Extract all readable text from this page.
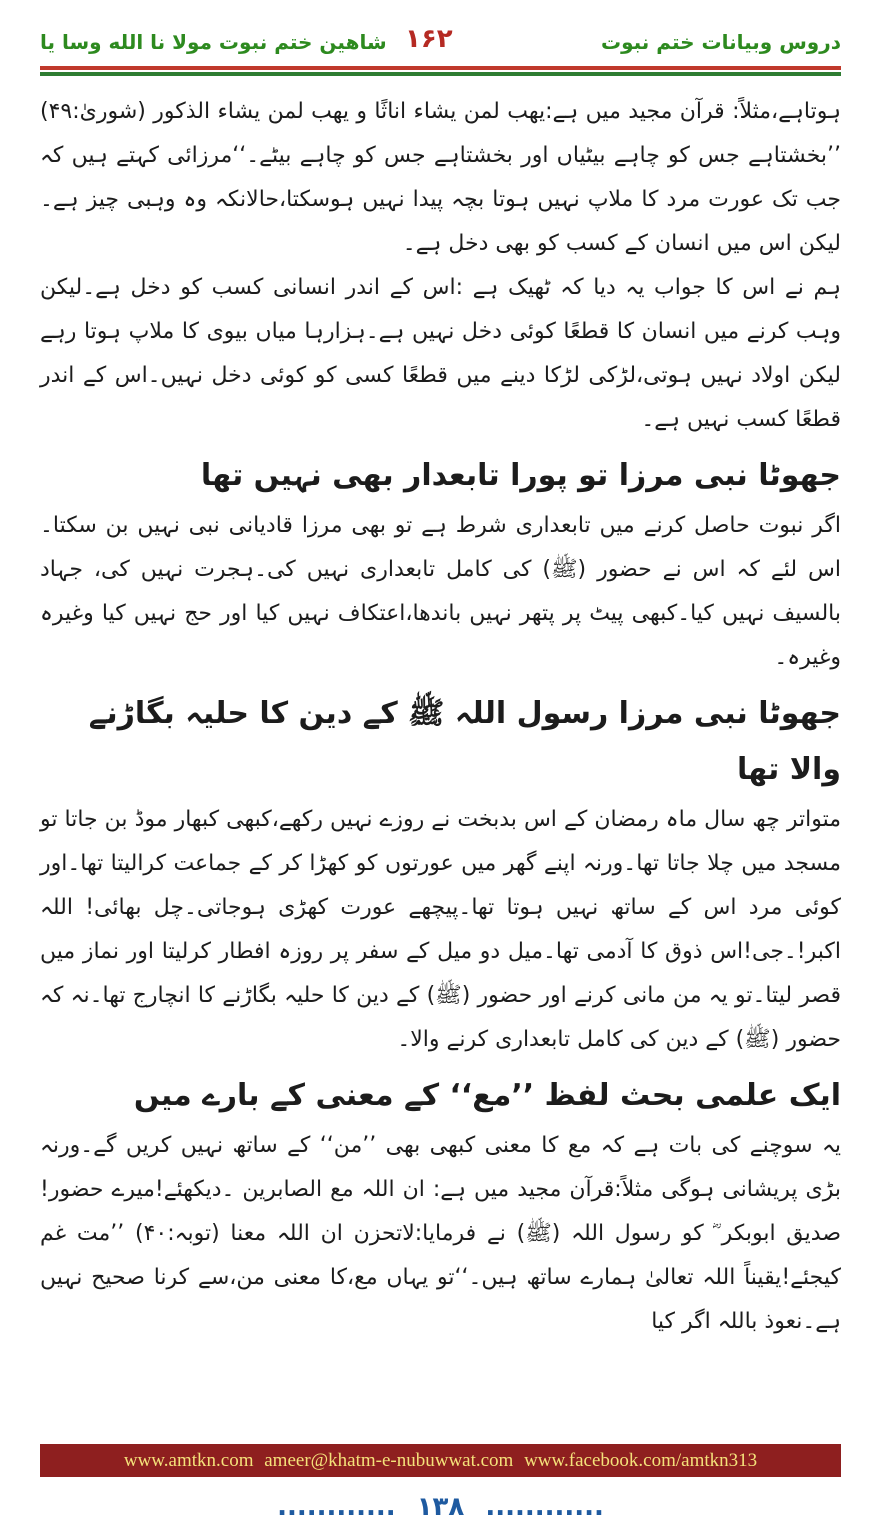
شاهین ختم نبوت مولا نا الله وسا یا ۱۶۲	دروس وبیانات ختم نبوت

ہوتاہے،مثلاً: قرآن مجید میں ہے:یھب لمن یشاء اناثًا و یھب لمن یشاء الذکور (شوریٰ:۴۹) ’’بخشتاہے جس کو چاہے بیٹیاں اور بخشتاہے جس کو چاہے بیٹے۔‘‘مرزائی کہتے ہیں کہ جب تک عورت مرد کا ملاپ نہیں ہوتا بچہ پیدا نہیں ہوسکتا،حالانکہ وہ وہبی چیز ہے۔لیکن اس میں انسان کے کسب کو بھی دخل ہے۔

ہم نے اس کا جواب یہ دیا کہ ٹھیک ہے :اس کے اندر انسانی کسب کو دخل ہے۔لیکن وہب کرنے میں انسان کا قطعًا کوئی دخل نہیں ہے۔ہزارہا میاں بیوی کا ملاپ ہوتا رہے لیکن اولاد نہیں ہوتی،لڑکی لڑکا دینے میں قطعًا کسی کو کوئی دخل نہیں۔اس کے اندر قطعًا کسب نہیں ہے۔

جھوٹا نبی مرزا تو پورا تابعدار بھی نہیں تھا

اگر نبوت حاصل کرنے میں تابعداری شرط ہے تو بھی مرزا قادیانی نبی نہیں بن سکتا۔اس لئے کہ اس نے حضور (ﷺ) کی کامل تابعداری نہیں کی۔ہجرت نہیں کی، جہاد بالسیف نہیں کیا۔کبھی پیٹ پر پتھر نہیں باندھا،اعتکاف نہیں کیا اور حج نہیں کیا وغیرہ وغیرہ۔

جھوٹا نبی مرزا رسول اللہ ﷺ کے دین کا حلیہ بگاڑنے والا تھا

متواتر چھ سال ماہ رمضان کے اس بدبخت نے روزے نہیں رکھے،کبھی کبھار موڈ بن جاتا تو مسجد میں چلا جاتا تھا۔ورنہ اپنے گھر میں عورتوں کو کھڑا کر کے جماعت کرالیتا تھا۔اور کوئی مرد اس کے ساتھ نہیں ہوتا تھا۔پیچھے عورت کھڑی ہوجاتی۔چل بھائی! اللہ اکبر!۔جی!اس ذوق کا آدمی تھا۔میل دو میل کے سفر پر روزہ افطار کرلیتا اور نماز میں قصر لیتا۔تو یہ من مانی کرنے اور حضور (ﷺ) کے دین کا حلیہ بگاڑنے کا انچارج تھا۔نہ کہ حضور (ﷺ) کے دین کی کامل تابعداری کرنے والا۔

ایک علمی بحث لفظ ’’مع‘‘ کے معنی کے بارے میں

یہ سوچنے کی بات ہے کہ مع کا معنی کبھی بھی ’’من‘‘ کے ساتھ نہیں کریں گے۔ورنہ بڑی پریشانی ہوگی مثلاً:قرآن مجید میں ہے: ان اللہ مع الصابرین ۔دیکھئے!میرے حضور!صدیق ابوبکر ؓ کو رسول اللہ (ﷺ) نے فرمایا:لاتحزن ان اللہ معنا (توبہ:۴۰) ’’مت غم کیجئے!یقیناً اللہ تعالیٰ ہمارے ساتھ ہیں۔‘‘تو یہاں مع،کا معنی من،سے کرنا صحیح نہیں ہے۔نعوذ باللہ اگر کیا

www.amtkn.com ameer@khatm-e-nubuwwat.com www.facebook.com/amtkn313
............ ۱۳۸ ............
